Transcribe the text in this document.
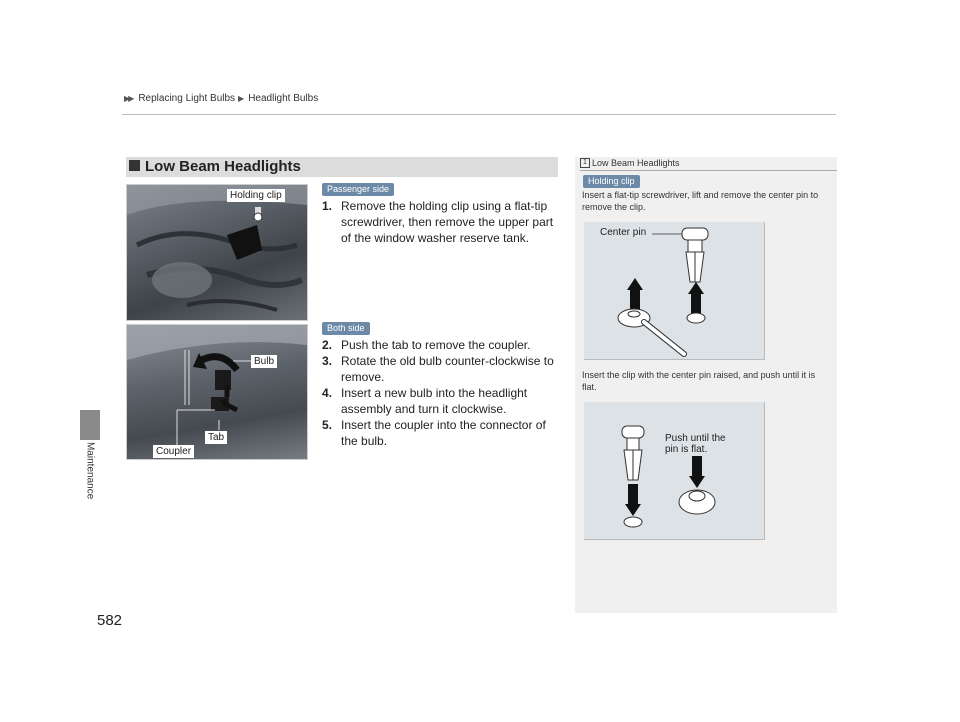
▶▶ Replacing Light Bulbs ▶ Headlight Bulbs
Maintenance
582
Low Beam Headlights
Holding clip
Bulb
Tab
Coupler
Passenger side
1. Remove the holding clip using a flat-tip screwdriver, then remove the upper part of the window washer reserve tank.
Both side
2. Push the tab to remove the coupler.
3. Rotate the old bulb counter-clockwise to remove.
4. Insert a new bulb into the headlight assembly and turn it clockwise.
5. Insert the coupler into the connector of the bulb.
1 Low Beam Headlights
Holding clip
Insert a flat-tip screwdriver, lift and remove the center pin to remove the clip.
Center pin
Insert the clip with the center pin raised, and push until it is flat.
Push until the
pin is flat.
